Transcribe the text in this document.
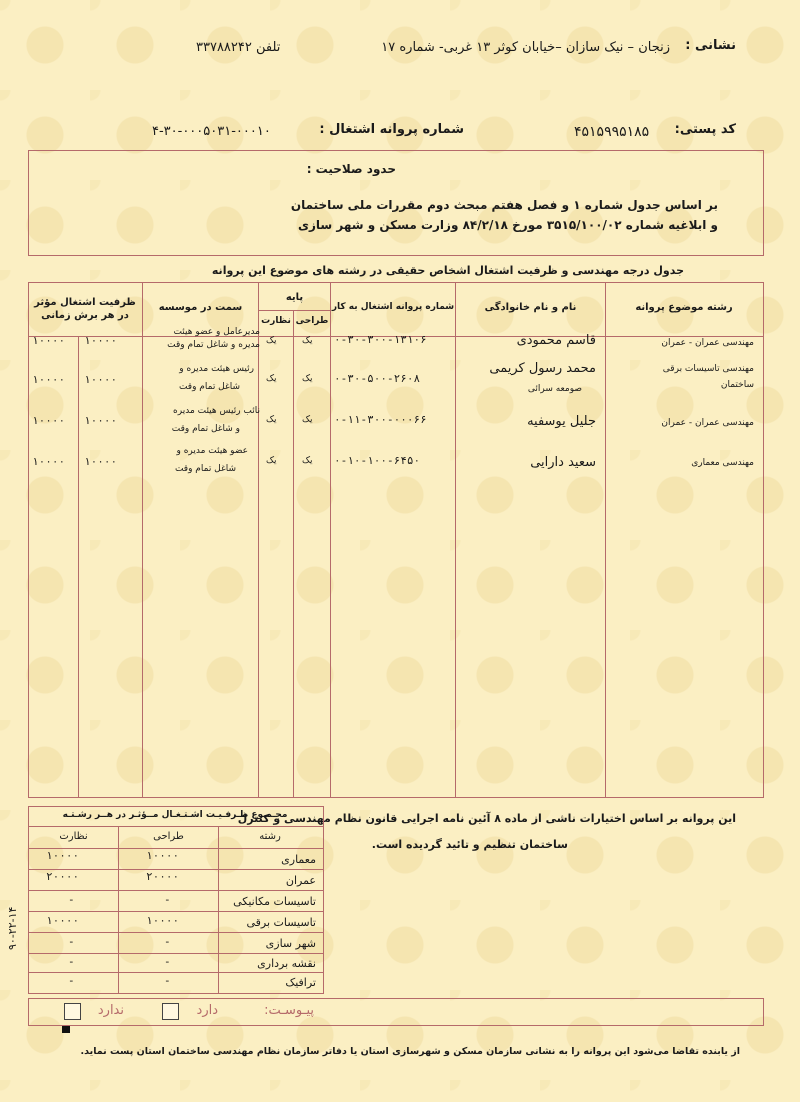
نشانی :
زنجان – نیک سازان –خیابان کوثر ۱۳ غربی- شماره ۱۷
تلفن ۳۳۷۸۸۲۴۲
کد پستی:
۴۵۱۵۹۹۵۱۸۵
شماره پروانه اشتغال :
۴-۳۰-۰۰۰۵۰۳۱-۰۰۰۱۰
حدود صلاحیت :
بر اساس جدول شماره ۱ و فصل هفتم مبحث دوم مقررات ملی ساختمان
و ابلاغیه شماره ۳۵۱۵/۱۰۰/۰۲ مورخ ۸۴/۲/۱۸ وزارت مسکن و شهر سازی
جدول درجه مهندسی و ظرفیت اشتغال اشخاص حقیقی در رشته های موضوع این پروانه
رشته موضوع پروانه
نام و نام خانوادگی
شماره پروانه اشتغال به کار
پایه
طراحی
نظارت
سمت در موسسه
ظرفیت اشتغال مؤثر در هر برش زمانی
مهندسی عمران - عمران
قاسم محمودی
۰-۳۰-۳۰۰-۱۳۱۰۶
یک
یک
مدیرعامل و عضو هیئت
مدیره و شاغل تمام وقت
۱۰۰۰۰
۱۰۰۰۰
مهندسی تاسیسات برقی
ساختمان
محمد رسول کریمی
صومعه سرائی
۰-۳۰-۵۰۰-۲۶۰۸
یک
یک
رئیس هیئت مدیره و
شاغل تمام وقت
۱۰۰۰۰
۱۰۰۰۰
مهندسی عمران - عمران
جلیل یوسفیه
۰-۱۱-۳۰۰-۰۰۰۶۶
یک
یک
نائب رئیس هیئت مدیره
و شاغل تمام وقت
۱۰۰۰۰
۱۰۰۰۰
مهندسی معماری
سعید دارایی
۰-۱۰-۱۰۰-۶۴۵۰
یک
یک
عضو هیئت مدیره و
شاغل تمام وقت
۱۰۰۰۰
۱۰۰۰۰
این پروانه بر اساس اختیارات ناشی از ماده ۸ آئین نامه اجرایی قانون نظام مهندسی و کنترل
ساختمان تنظیم و تائید گردیده است.
مجـمـوع ظـرفـیـت اشـتـغـال مــؤثـر در هــر رشـتـه
رشته
طراحی
نظارت
معماری
۱۰۰۰۰
۱۰۰۰۰
عمران
۲۰۰۰۰
۲۰۰۰۰
تاسیسات مکانیکی
-
-
تاسیسات برقی
۱۰۰۰۰
۱۰۰۰۰
شهر سازی
-
-
نقشه برداری
-
-
ترافیک
-
-
۹۰-۲۲-۱۴
پیـوسـت:
دارد
ندارد
از یابنده تقاضا می‌شود این پروانه را به نشانی سازمان مسکن و شهرسازی استان یا دفاتر سازمان نظام مهندسی ساختمان استان پست نماید.
